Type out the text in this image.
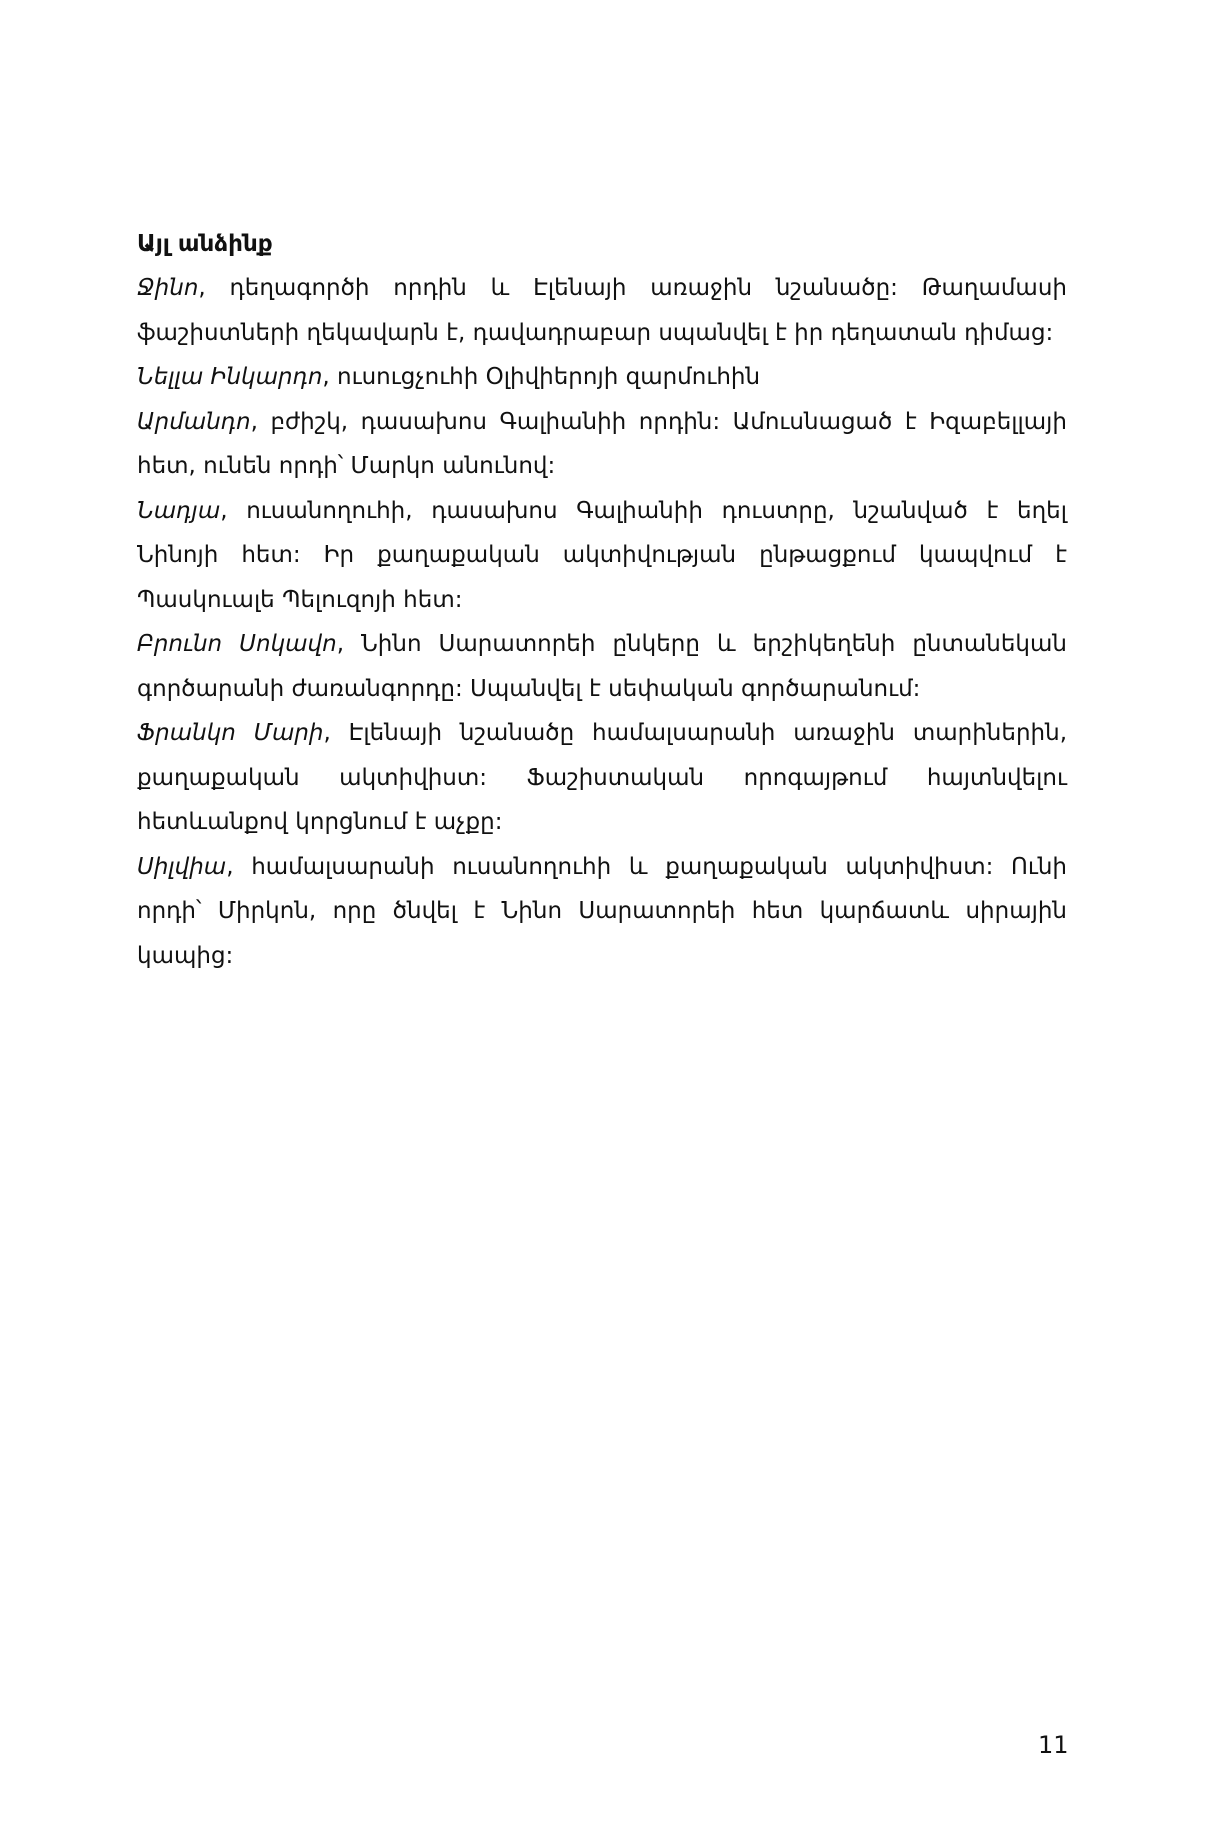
Այլ անձինք

Ջինո, դեղագործի որդին և Էլենայի առաջին նշանածը: Թաղամասի ֆաշիստների ղեկավարն է, դավադրաբար սպանվել է իր դեղատան դիմաց:

Նելլա Ինկարդո, ուսուցչուհի Օլիվիերոյի զարմուհին

Արմանդո, բժիշկ, դասախոս Գալիանիի որդին: Ամուսնացած է Իզաբելլայի հետ, ունեն որդի՝ Մարկո անունով:

Նադյա, ուսանողուհի, դասախոս Գալիանիի դուստրը, նշանված է եղել Նինոյի հետ: Իր քաղաքական ակտիվության ընթացքում կապվում է Պասկուալե Պելուզոյի հետ:

Բրունո Սոկավո, Նինո Սարատորեի ընկերը և երշիկեղենի ընտանեկան գործարանի ժառանգորդը: Սպանվել է սեփական գործարանում:

Ֆրանկո Մարի, Էլենայի նշանածը համալսարանի առաջին տարիներին, քաղաքական ակտիվիստ: Ֆաշիստական որոգայթում հայտնվելու հետևանքով կորցնում է աչքը:

Սիլվիա, համալսարանի ուսանողուհի և քաղաքական ակտիվիստ: Ունի որդի՝ Միրկոն, որը ծնվել է Նինո Սարատորեի հետ կարճատև սիրային կապից:

11
